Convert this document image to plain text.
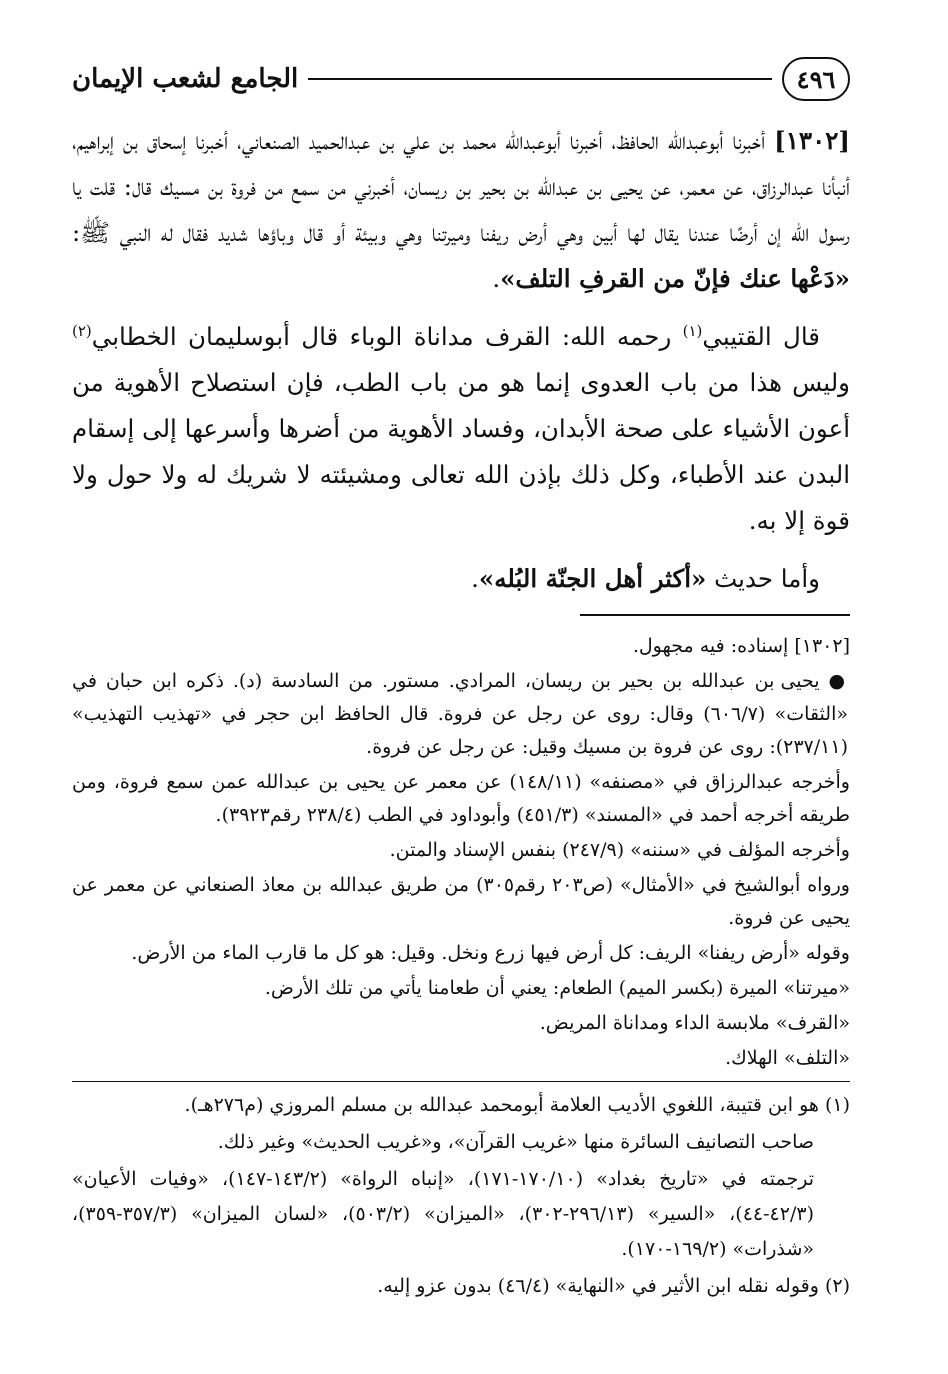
٤٩٦
الجامع لشعب الإيمان

[١٣٠٢] أخبرنا أبوعبدالله الحافظ، أخبرنا أبوعبدالله محمد بن علي بن عبدالحميد الصنعاني، أخبرنا إسحاق بن إبراهيم، أنبأنا عبدالرزاق، عن معمر، عن يحيى بن عبدالله بن بحير بن ريسان، أخبرني من سمع من فروة بن مسيك قال: قلت يا رسول الله إن أرضًا عندنا يقال لها أبين وهي أرض ريفنا وميرتنا وهي وبيئة أو قال وباؤها شديد فقال له النبي ﷺ: «دَعْها عنك فإنّ من القرفِ التلف».

قال القتيبي$^{(١)}$ رحمه الله: القرف مداناة الوباء قال أبوسليمان الخطابي$^{(٢)}$ وليس هذا من باب العدوى إنما هو من باب الطب، فإن استصلاح الأهوية من أعون الأشياء على صحة الأبدان، وفساد الأهوية من أضرها وأسرعها إلى إسقام البدن عند الأطباء، وكل ذلك بإذن الله تعالى ومشيئته لا شريك له ولا حول ولا قوة إلا به.

وأما حديث «أكثر أهل الجنّة البُله».

[١٣٠٢] إسناده: فيه مجهول.

● يحيى بن عبدالله بن بحير بن ريسان، المرادي. مستور. من السادسة (د). ذكره ابن حبان في «الثقات» (٦٠٦/٧) وقال: روى عن رجل عن فروة. قال الحافظ ابن حجر في «تهذيب التهذيب» (٢٣٧/١١): روى عن فروة بن مسيك وقيل: عن رجل عن فروة.

وأخرجه عبدالرزاق في «مصنفه» (١٤٨/١١) عن معمر عن يحيى بن عبدالله عمن سمع فروة، ومن طريقه أخرجه أحمد في «المسند» (٤٥١/٣) وأبوداود في الطب (٢٣٨/٤ رقم٣٩٢٣).

وأخرجه المؤلف في «سننه» (٢٤٧/٩) بنفس الإسناد والمتن.

ورواه أبوالشيخ في «الأمثال» (ص٢٠٣ رقم٣٠٥) من طريق عبدالله بن معاذ الصنعاني عن معمر عن يحيى عن فروة.

وقوله «أرض ريفنا» الريف: كل أرض فيها زرع ونخل. وقيل: هو كل ما قارب الماء من الأرض.

«ميرتنا» الميرة (بكسر الميم) الطعام: يعني أن طعامنا يأتي من تلك الأرض.

«القرف» ملابسة الداء ومداناة المريض.

«التلف» الهلاك.

(١) هو ابن قتيبة، اللغوي الأديب العلامة أبومحمد عبدالله بن مسلم المروزي (م٢٧٦هـ).

صاحب التصانيف السائرة منها «غريب القرآن»، و«غريب الحديث» وغير ذلك.

ترجمته في «تاريخ بغداد» (١٧٠/١٠-١٧١)، «إنباه الرواة» (١٤٣/٢-١٤٧)، «وفيات الأعيان» (٤٢/٣-٤٤)، «السير» (٢٩٦/١٣-٣٠٢)، «الميزان» (٥٠٣/٢)، «لسان الميزان» (٣٥٧/٣-٣٥٩)، «شذرات» (١٦٩/٢-١٧٠).

(٢) وقوله نقله ابن الأثير في «النهاية» (٤٦/٤) بدون عزو إليه.
